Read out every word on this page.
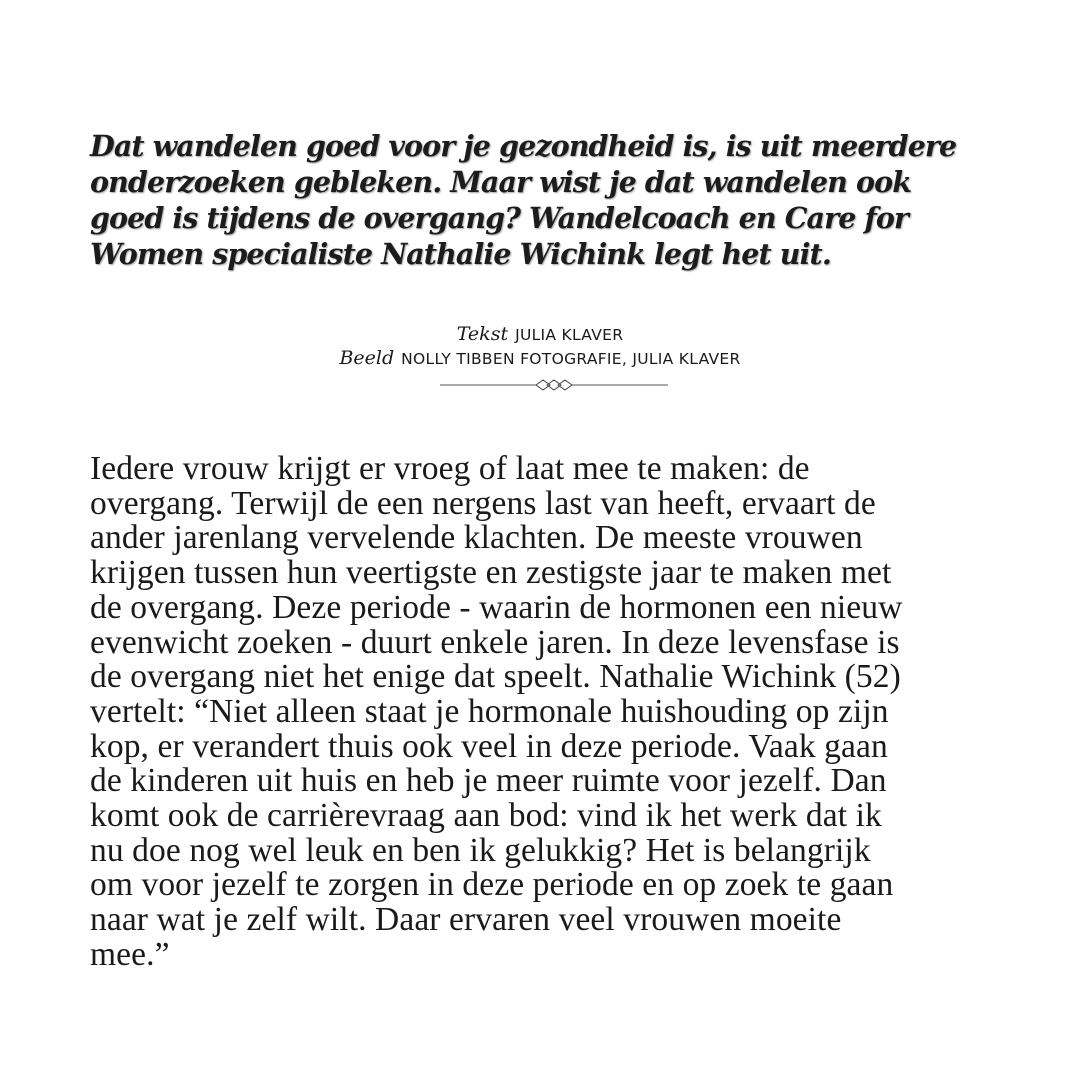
Dat wandelen goed voor je gezondheid is, is uit meerdere
onderzoeken gebleken. Maar wist je dat wandelen ook
goed is tijdens de overgang? Wandelcoach en Care for
Women specialiste Nathalie Wichink legt het uit.

Tekst JULIA KLAVER
Beeld NOLLY TIBBEN FOTOGRAFIE, JULIA KLAVER

Iedere vrouw krijgt er vroeg of laat mee te maken: de
overgang. Terwijl de een nergens last van heeft, ervaart de
ander jarenlang vervelende klachten. De meeste vrouwen
krijgen tussen hun veertigste en zestigste jaar te maken met
de overgang. Deze periode - waarin de hormonen een nieuw
evenwicht zoeken - duurt enkele jaren. In deze levensfase is
de overgang niet het enige dat speelt. Nathalie Wichink (52)
vertelt: “Niet alleen staat je hormonale huishouding op zijn
kop, er verandert thuis ook veel in deze periode. Vaak gaan
de kinderen uit huis en heb je meer ruimte voor jezelf. Dan
komt ook de carrièrevraag aan bod: vind ik het werk dat ik
nu doe nog wel leuk en ben ik gelukkig? Het is belangrijk
om voor jezelf te zorgen in deze periode en op zoek te gaan
naar wat je zelf wilt. Daar ervaren veel vrouwen moeite
mee.”
